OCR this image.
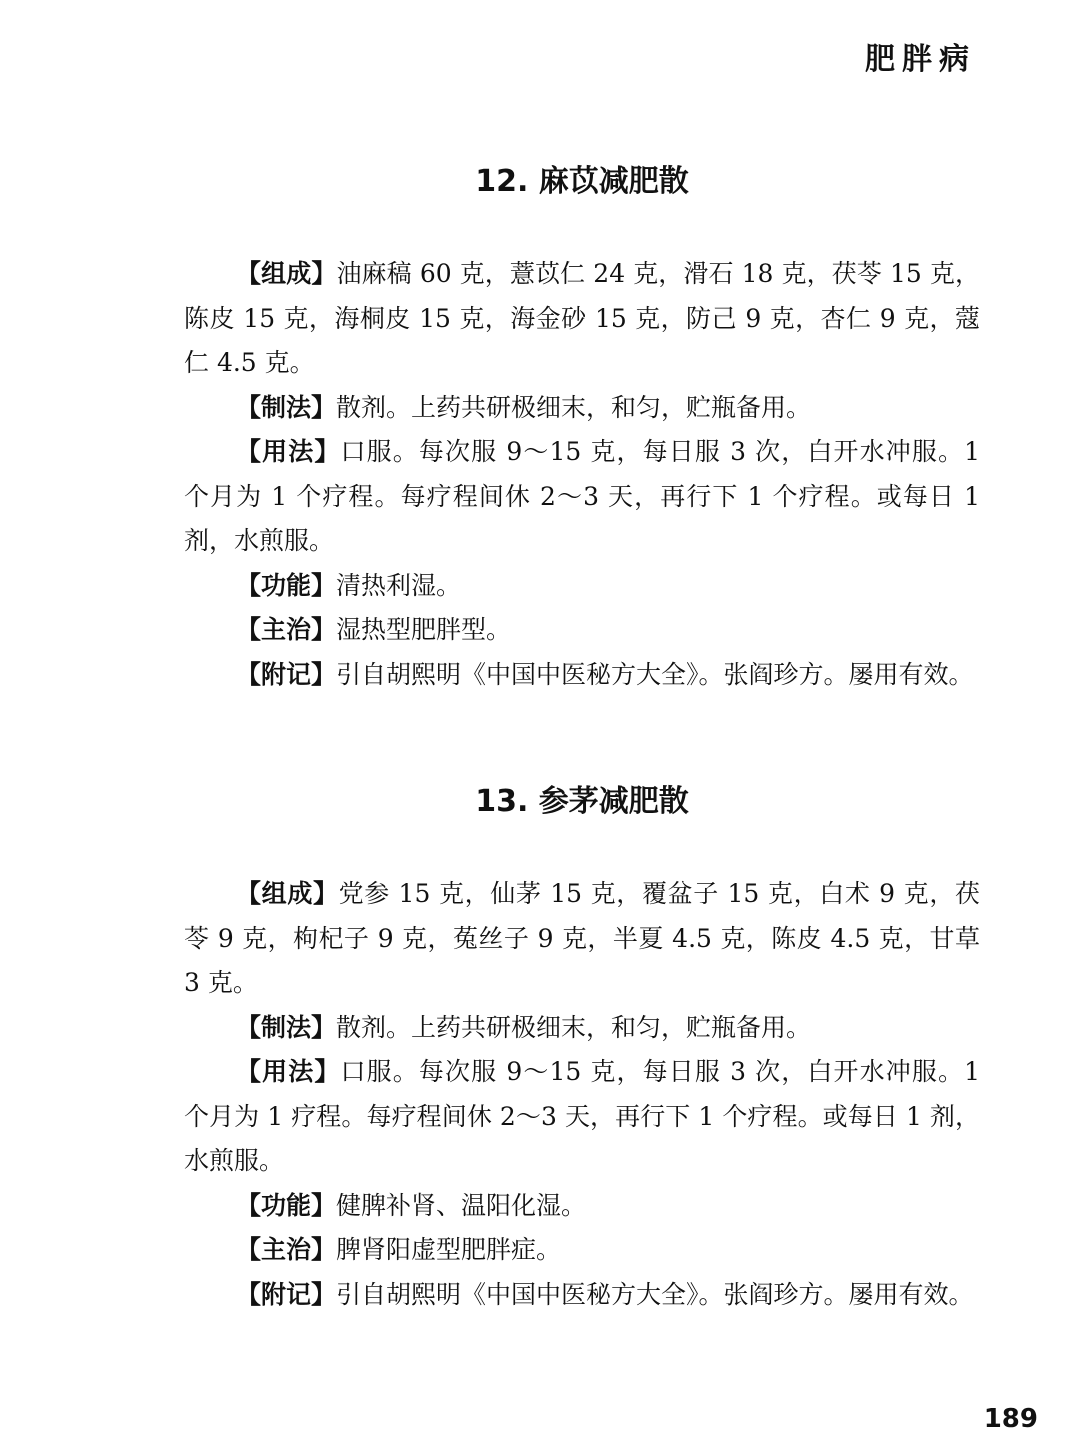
肥胖病
12. 麻苡减肥散

【组成】油麻稿 60 克，薏苡仁 24 克，滑石 18 克，茯苓 15 克，陈皮 15 克，海桐皮 15 克，海金砂 15 克，防己 9 克，杏仁 9 克，蔻仁 4.5 克。

【制法】散剂。上药共研极细末，和匀，贮瓶备用。

【用法】口服。每次服 9～15 克，每日服 3 次，白开水冲服。1 个月为 1 个疗程。每疗程间休 2～3 天，再行下 1 个疗程。或每日 1 剂，水煎服。

【功能】清热利湿。

【主治】湿热型肥胖型。

【附记】引自胡熙明《中国中医秘方大全》。张阎珍方。屡用有效。

13. 参茅减肥散

【组成】党参 15 克，仙茅 15 克，覆盆子 15 克，白术 9 克，茯苓 9 克，枸杞子 9 克，菟丝子 9 克，半夏 4.5 克，陈皮 4.5 克，甘草 3 克。

【制法】散剂。上药共研极细末，和匀，贮瓶备用。

【用法】口服。每次服 9～15 克，每日服 3 次，白开水冲服。1 个月为 1 疗程。每疗程间休 2～3 天，再行下 1 个疗程。或每日 1 剂，水煎服。

【功能】健脾补肾、温阳化湿。

【主治】脾肾阳虚型肥胖症。

【附记】引自胡熙明《中国中医秘方大全》。张阎珍方。屡用有效。

189
